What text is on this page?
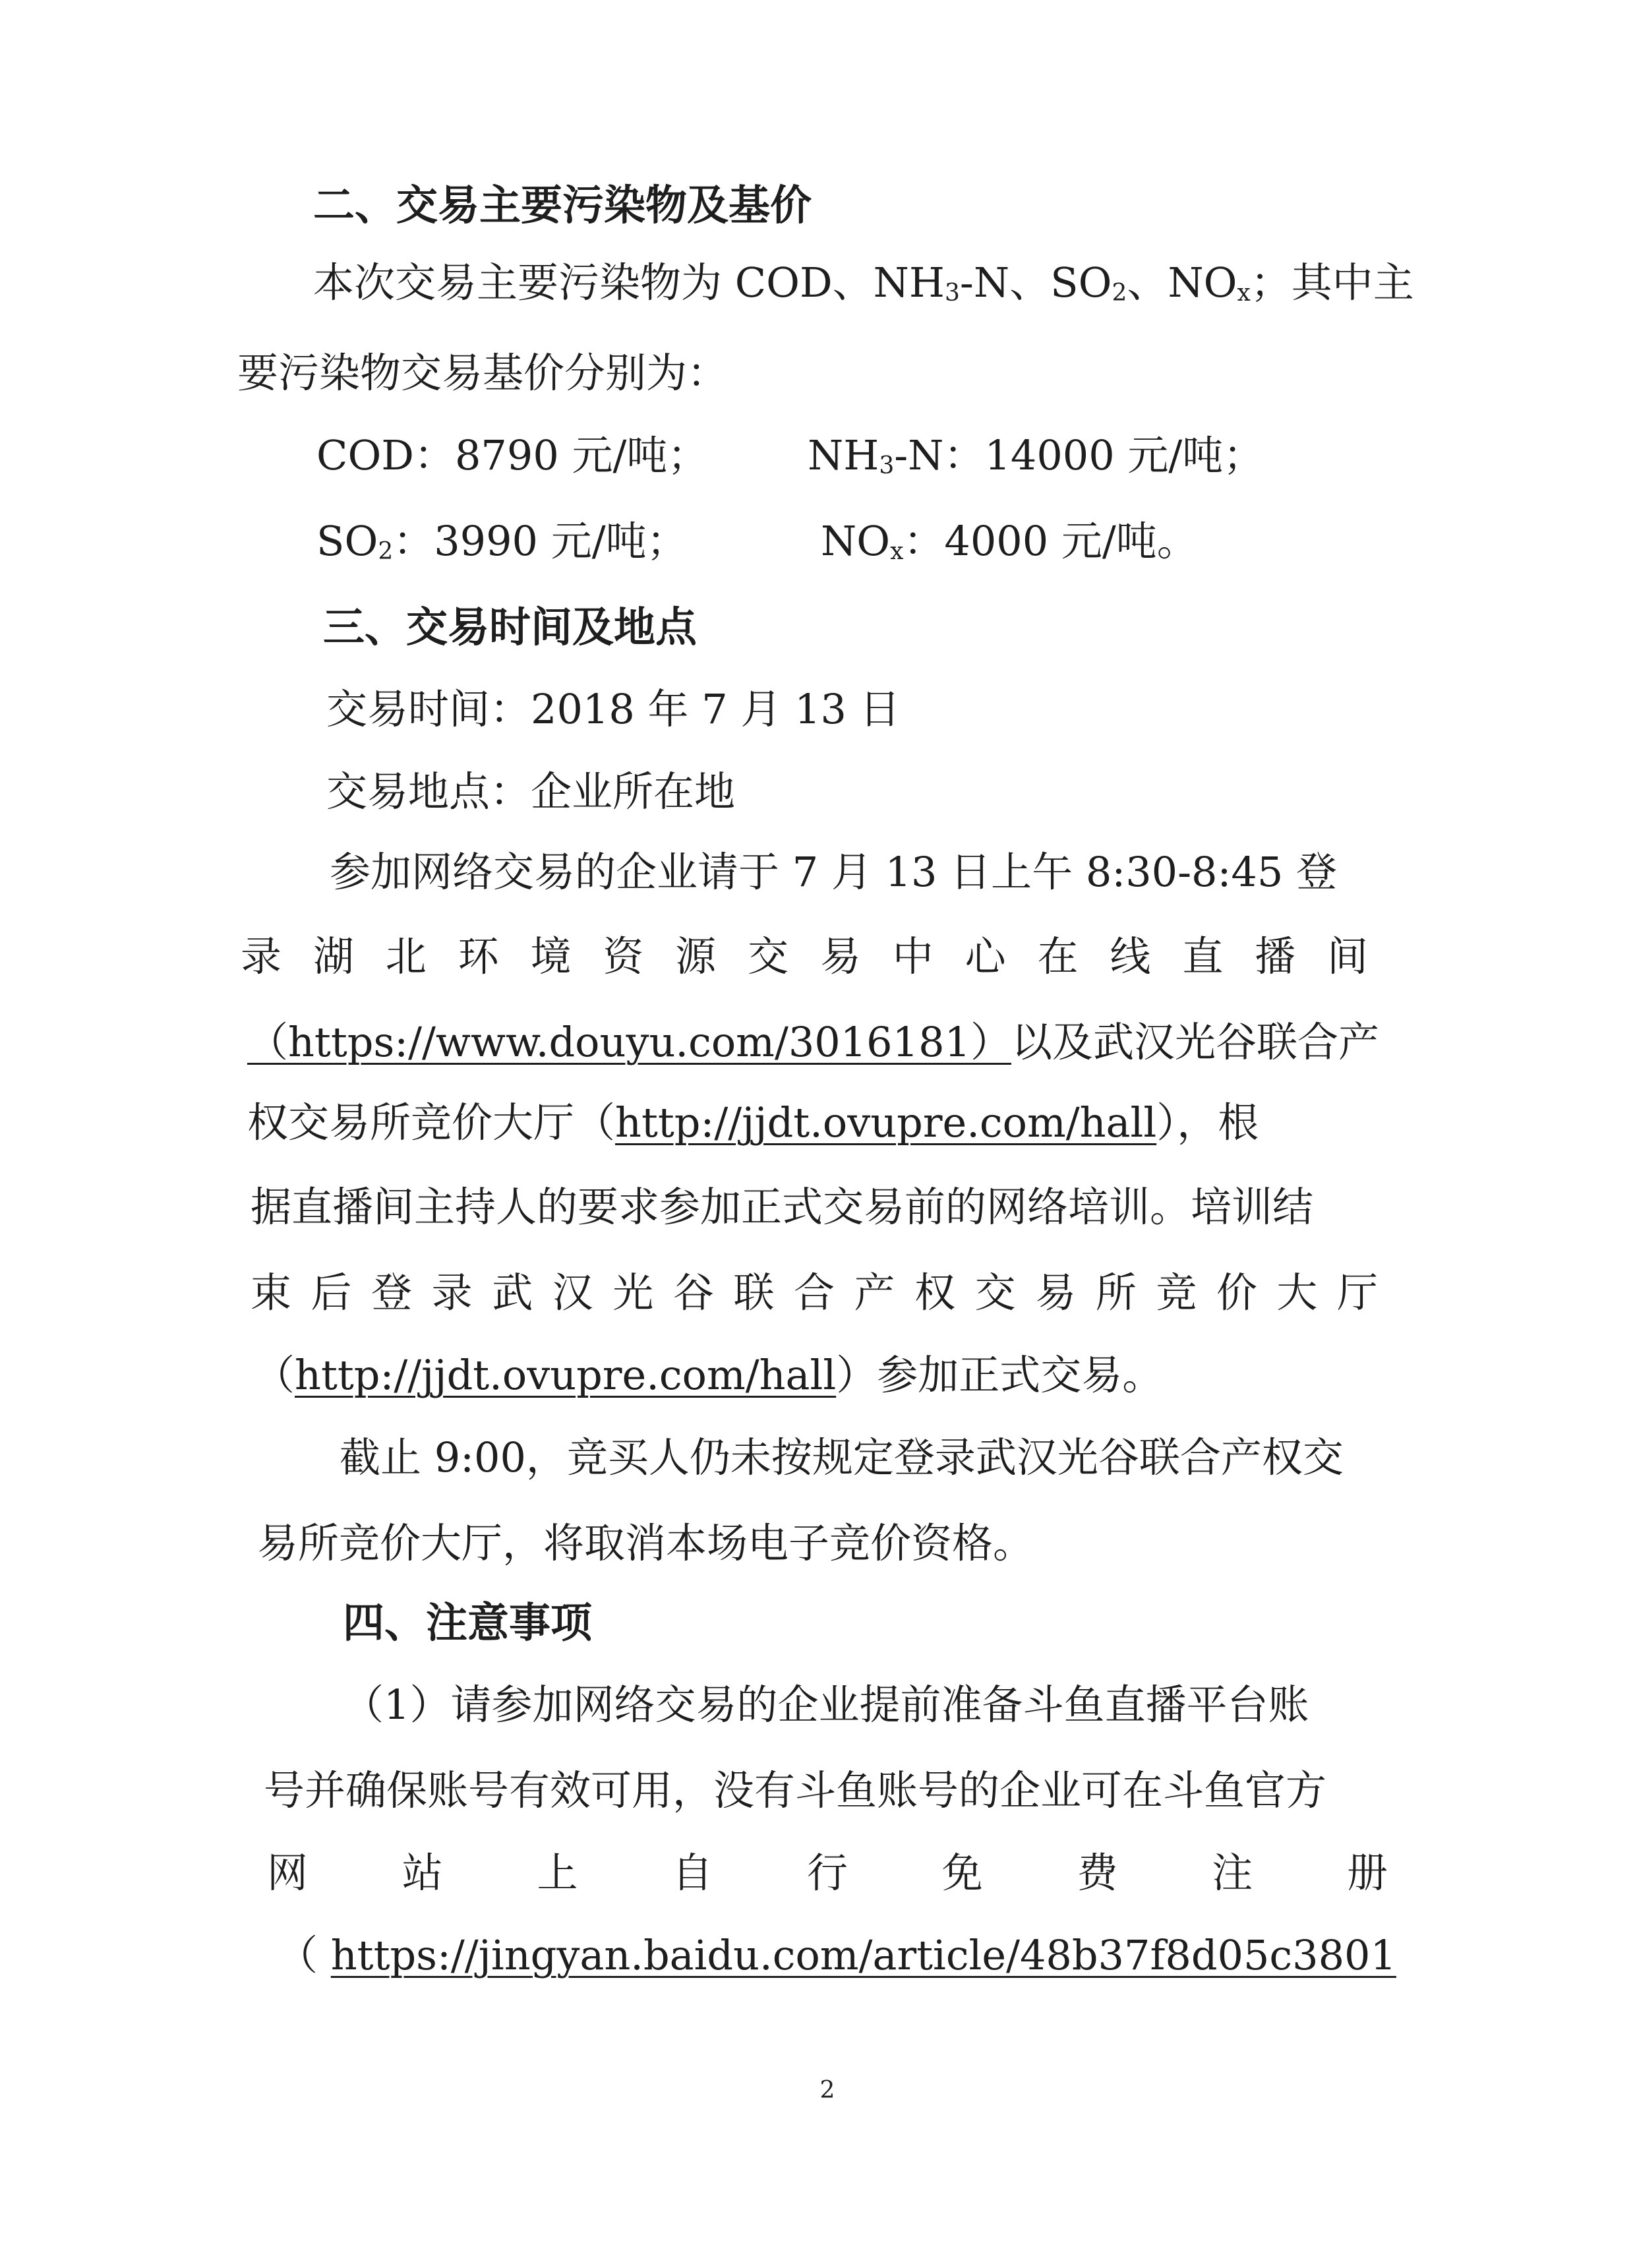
二、交易主要污染物及基价
本次交易主要污染物为 COD、$NH_3-N$、$SO_2$、$NO_x$；其中主
要污染物交易基价分别为：
COD：8790 元/吨；	$NH_3-N$：14000 元/吨；
$SO_2$：3990 元/吨；	$NO_x$：4000 元/吨。
三、交易时间及地点
交易时间：2018 年 7 月 13 日
交易地点：企业所在地
参加网络交易的企业请于 7 月 13 日上午 8:30-8:45 登
录湖北环境资源交易中心在线直播间
（https://www.douyu.com/3016181）以及武汉光谷联合产
权交易所竞价大厅（http://jjdt.ovupre.com/hall），根
据直播间主持人的要求参加正式交易前的网络培训。培训结
束后登录武汉光谷联合产权交易所竞价大厅
（http://jjdt.ovupre.com/hall）参加正式交易。
截止 9:00，竞买人仍未按规定登录武汉光谷联合产权交
易所竞价大厅，将取消本场电子竞价资格。
四、注意事项
（1）请参加网络交易的企业提前准备斗鱼直播平台账
号并确保账号有效可用，没有斗鱼账号的企业可在斗鱼官方
网站上自行免费注册
（ https://jingyan.baidu.com/article/48b37f8d05c3801
2
